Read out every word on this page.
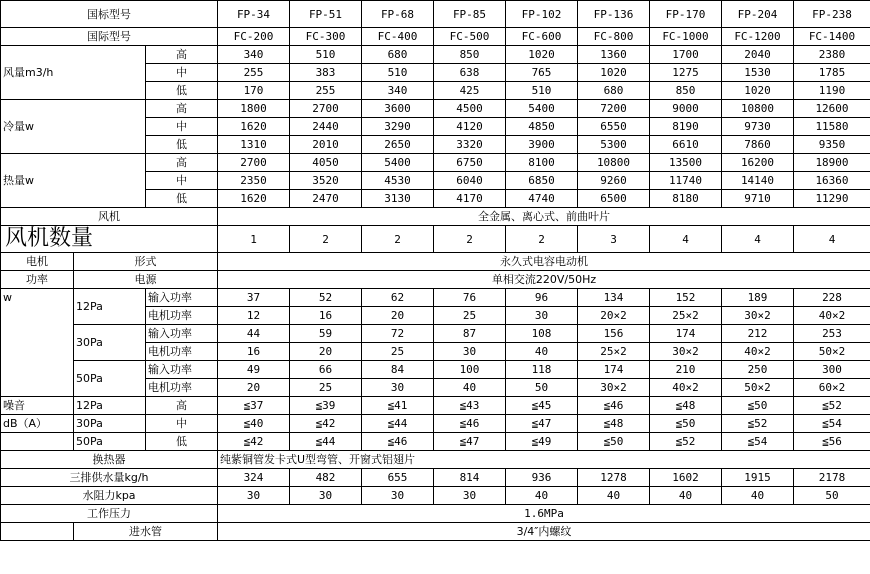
国标型号			FP-34	FP-51	FP-68	FP-85	FP-102	FP-136	FP-170	FP-204	FP-238
国际型号			FC-200	FC-300	FC-400	FC-500	FC-600	FC-800	FC-1000	FC-1200	FC-1400
风量m3/h		高	340	510	680	850	1020	1360	1700	2040	2380
		中	255	383	510	638	765	1020	1275	1530	1785
		低	170	255	340	425	510	680	850	1020	1190
冷量w		高	1800	2700	3600	4500	5400	7200	9000	10800	12600
		中	1620	2440	3290	4120	4850	6550	8190	9730	11580
		低	1310	2010	2650	3320	3900	5300	6610	7860	9350
热量w		高	2700	4050	5400	6750	8100	10800	13500	16200	18900
		中	2350	3520	4530	6040	6850	9260	11740	14140	16360
		低	1620	2470	3130	4170	4740	6500	8180	9710	11290
风机			全金属、离心式、前曲叶片								
风机数量			1	2	2	2	2	3	4	4	4
电机	形式		永久式电容电动机								
功率	电源		单相交流220V/50Hz								
w	12Pa	输入功率	37	52	62	76	96	134	152	189	228
		电机功率	12	16	20	25	30	20×2	25×2	30×2	40×2
	30Pa	输入功率	44	59	72	87	108	156	174	212	253
		电机功率	16	20	25	30	40	25×2	30×2	40×2	50×2
	50Pa	输入功率	49	66	84	100	118	174	210	250	300
		电机功率	20	25	30	40	50	30×2	40×2	50×2	60×2
噪音	12Pa	高	≦37	≦39	≦41	≦43	≦45	≦46	≦48	≦50	≦52
dB（A）	30Pa	中	≦40	≦42	≦44	≦46	≦47	≦48	≦50	≦52	≦54
	50Pa	低	≦42	≦44	≦46	≦47	≦49	≦50	≦52	≦54	≦56
换热器			纯紫铜管发卡式U型弯管、开窗式铝翅片								
三排供水量kg/h			324	482	655	814	936	1278	1602	1915	2178
水阻力kpa			30	30	30	30	40	40	40	40	50
工作压力			1.6MPa								
	进水管		3/4″内螺纹								
